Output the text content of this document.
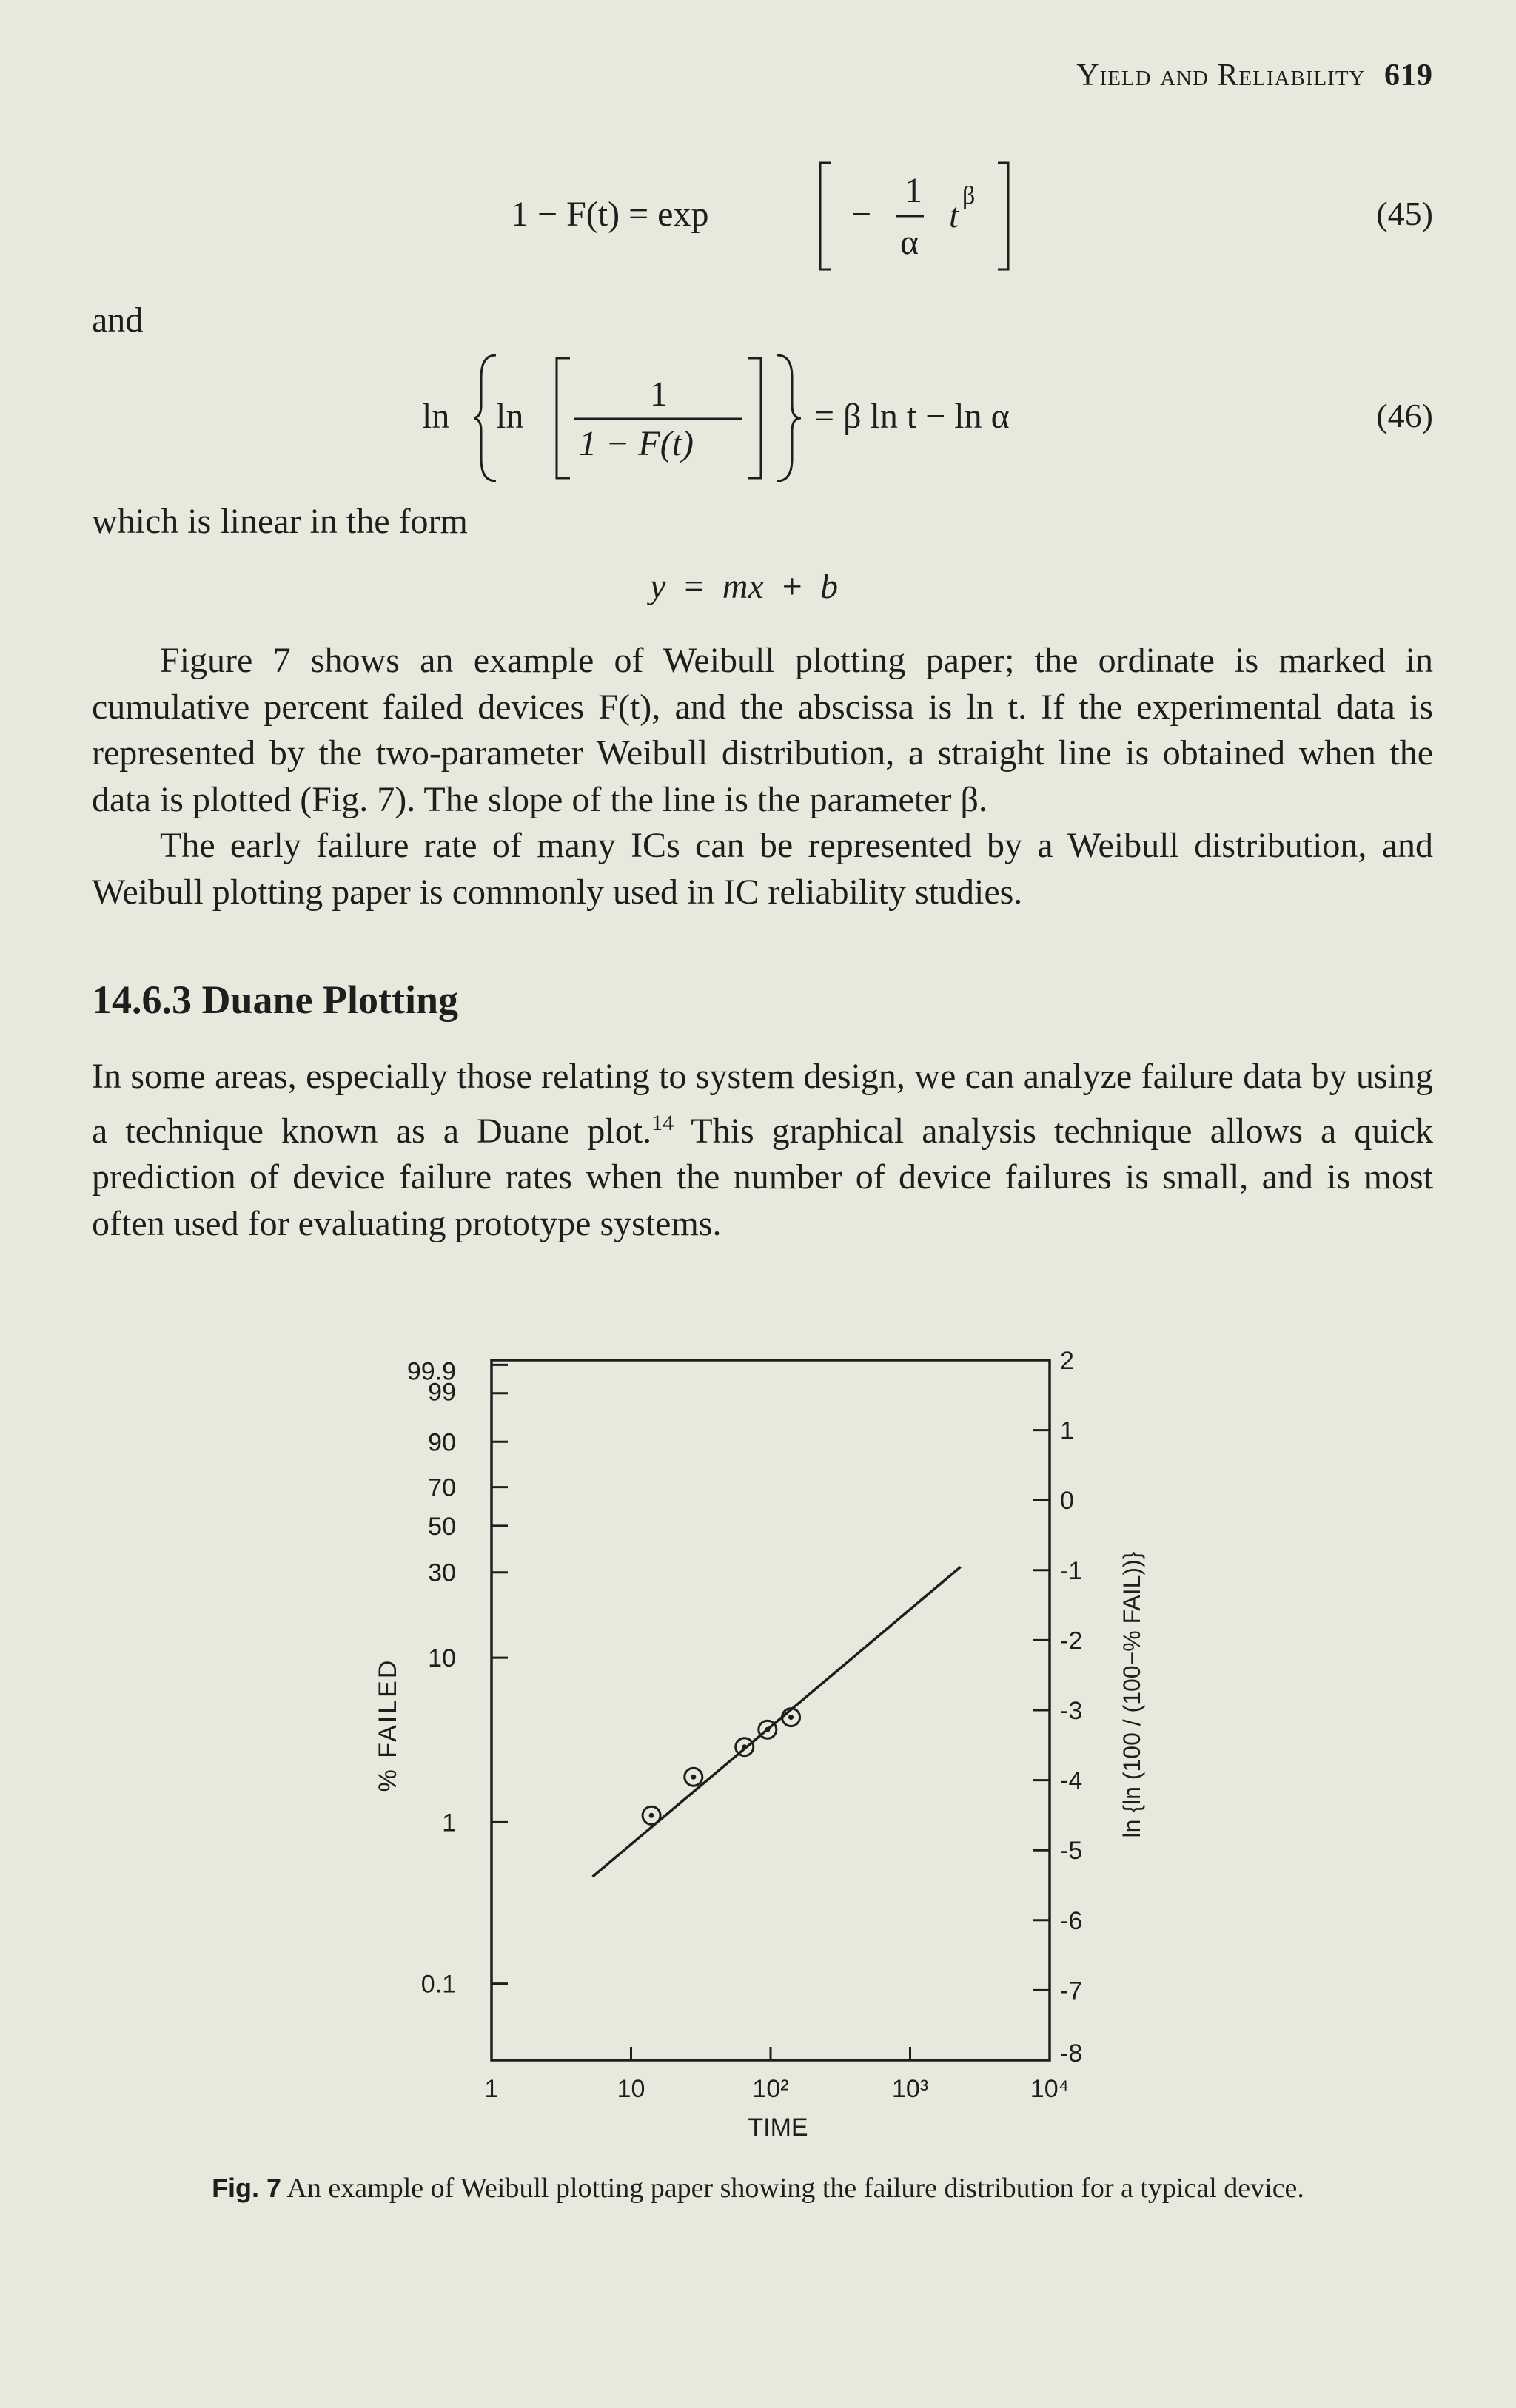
Yield and Reliability 619
1 − F(t) = exp	−
1
α
t
β	(45)
and
ln ln
1
1 − F(t)
= β ln t − ln α	(46)
which is linear in the form
y = mx + b

Figure 7 shows an example of Weibull plotting paper; the ordinate is marked in cumulative percent failed devices F(t), and the abscissa is ln t. If the experimental data is represented by the two-parameter Weibull distribution, a straight line is obtained when the data is plotted (Fig. 7). The slope of the line is the parameter β.

The early failure rate of many ICs can be represented by a Weibull distribution, and Weibull plotting paper is commonly used in IC reliability studies.

14.6.3 Duane Plotting

In some areas, especially those relating to system design, we can analyze failure data by using a technique known as a Duane plot.$^{14}$ This graphical analysis technique allows a quick prediction of device failure rates when the number of device failures is small, and is most often used for evaluating prototype systems.

1	10	10²	10³	10⁴
TIME
0.1
1
10
30
50
70
90
99
99.9
-8
-7
-6
-5
-4
-3
-2
-1
0
1
2
% FAILED	ln {ln (100 / (100−% FAIL))}
Fig. 7 An example of Weibull plotting paper showing the failure distribution for a typical device.
